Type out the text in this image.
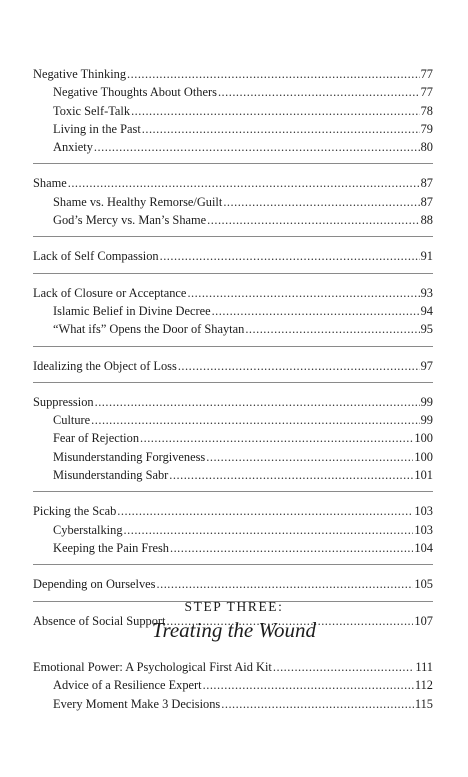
Negative Thinking .....	77
Negative Thoughts About Others .....	77
Toxic Self-Talk .....	78
Living in the Past .....	79
Anxiety .....	80
Shame .....	87
Shame vs. Healthy Remorse/Guilt .....	87
God’s Mercy vs. Man’s Shame .....	88
Lack of Self Compassion .....	91
Lack of Closure or Acceptance .....	93
Islamic Belief in Divine Decree .....	94
“What ifs” Opens the Door of Shaytan .....	95
Idealizing the Object of Loss .....	97
Suppression .....	99
Culture .....	99
Fear of Rejection .....	100
Misunderstanding Forgiveness .....	100
Misunderstanding Sabr .....	101
Picking the Scab .....	103
Cyberstalking .....	103
Keeping the Pain Fresh .....	104
Depending on Ourselves .....	105
Absence of Social Support .....	107
STEP THREE:
Treating the Wound
Emotional Power: A Psychological First Aid Kit .....	111
Advice of a Resilience Expert .....	112
Every Moment Make 3 Decisions .....	115
